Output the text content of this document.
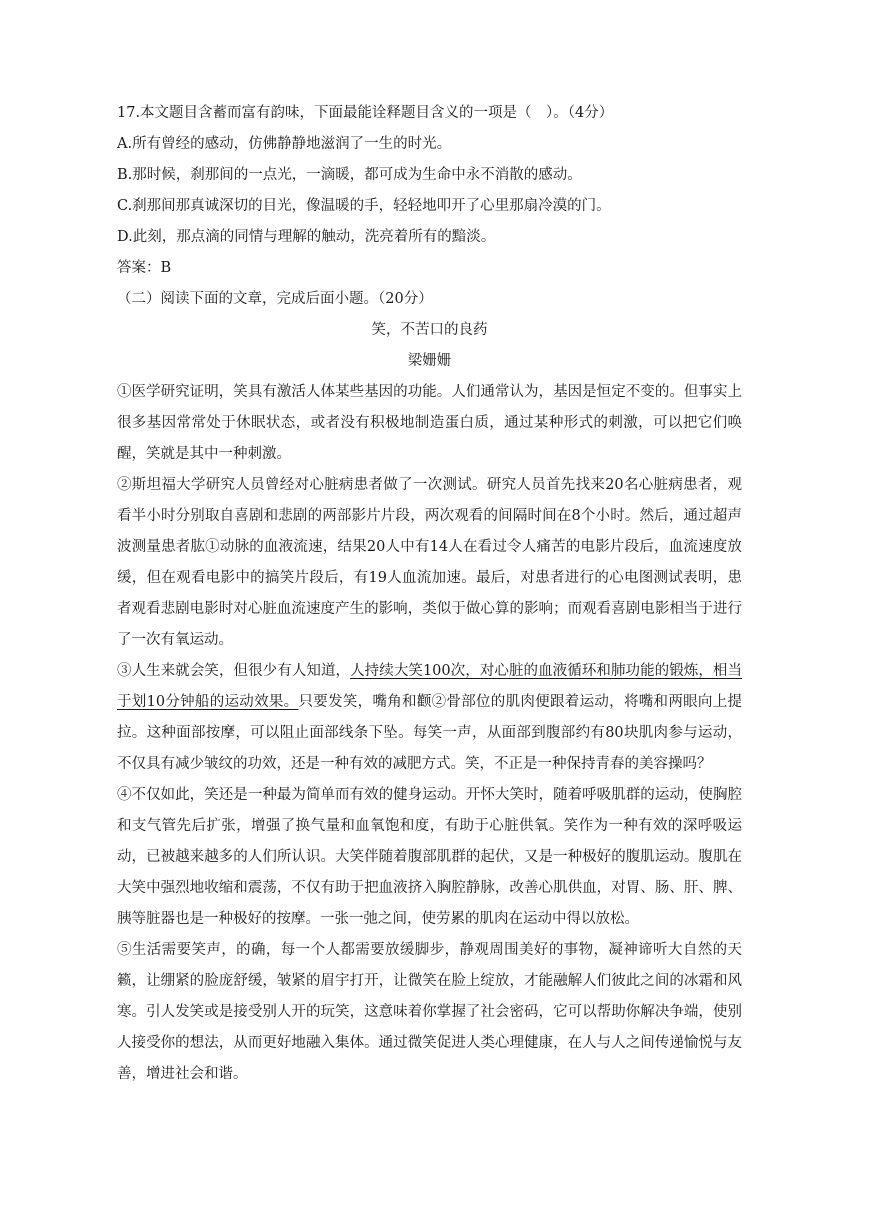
17.本文题目含蓄而富有韵味，下面最能诠释题目含义的一项是（　）。（4分）
A.所有曾经的感动，仿佛静静地滋润了一生的时光。
B.那时候，刹那间的一点光，一滴暖，都可成为生命中永不消散的感动。
C.刹那间那真诚深切的目光，像温暖的手，轻轻地叩开了心里那扇冷漠的门。
D.此刻，那点滴的同情与理解的触动，洗亮着所有的黯淡。
答案：B
（二）阅读下面的文章，完成后面小题。（20分）
笑，不苦口的良药
梁姗姗
①医学研究证明，笑具有激活人体某些基因的功能。人们通常认为，基因是恒定不变的。但事实上很多基因常常处于休眠状态，或者没有积极地制造蛋白质，通过某种形式的刺激，可以把它们唤醒，笑就是其中一种刺激。
②斯坦福大学研究人员曾经对心脏病患者做了一次测试。研究人员首先找来20名心脏病患者，观看半小时分别取自喜剧和悲剧的两部影片片段，两次观看的间隔时间在8个小时。然后，通过超声波测量患者肱①动脉的血液流速，结果20人中有14人在看过令人痛苦的电影片段后，血流速度放缓，但在观看电影中的搞笑片段后，有19人血流加速。最后，对患者进行的心电图测试表明，患者观看悲剧电影时对心脏血流速度产生的影响，类似于做心算的影响；而观看喜剧电影相当于进行了一次有氧运动。
③人生来就会笑，但很少有人知道，人持续大笑100次，对心脏的血液循环和肺功能的锻炼，相当于划10分钟船的运动效果。只要发笑，嘴角和颧②骨部位的肌肉便跟着运动，将嘴和两眼向上提拉。这种面部按摩，可以阻止面部线条下坠。每笑一声，从面部到腹部约有80块肌肉参与运动，不仅具有减少皱纹的功效，还是一种有效的减肥方式。笑，不正是一种保持青春的美容操吗？
④不仅如此，笑还是一种最为简单而有效的健身运动。开怀大笑时，随着呼吸肌群的运动，使胸腔和支气管先后扩张，增强了换气量和血氧饱和度，有助于心脏供氧。笑作为一种有效的深呼吸运动，已被越来越多的人们所认识。大笑伴随着腹部肌群的起伏，又是一种极好的腹肌运动。腹肌在大笑中强烈地收缩和震荡，不仅有助于把血液挤入胸腔静脉，改善心肌供血，对胃、肠、肝、脾、胰等脏器也是一种极好的按摩。一张一弛之间，使劳累的肌肉在运动中得以放松。
⑤生活需要笑声，的确，每一个人都需要放缓脚步，静观周围美好的事物，凝神谛听大自然的天籁，让绷紧的脸庞舒缓，皱紧的眉宇打开，让微笑在脸上绽放，才能融解人们彼此之间的冰霜和风寒。引人发笑或是接受别人开的玩笑，这意味着你掌握了社会密码，它可以帮助你解决争端，使别人接受你的想法，从而更好地融入集体。通过微笑促进人类心理健康，在人与人之间传递愉悦与友善，增进社会和谐。
